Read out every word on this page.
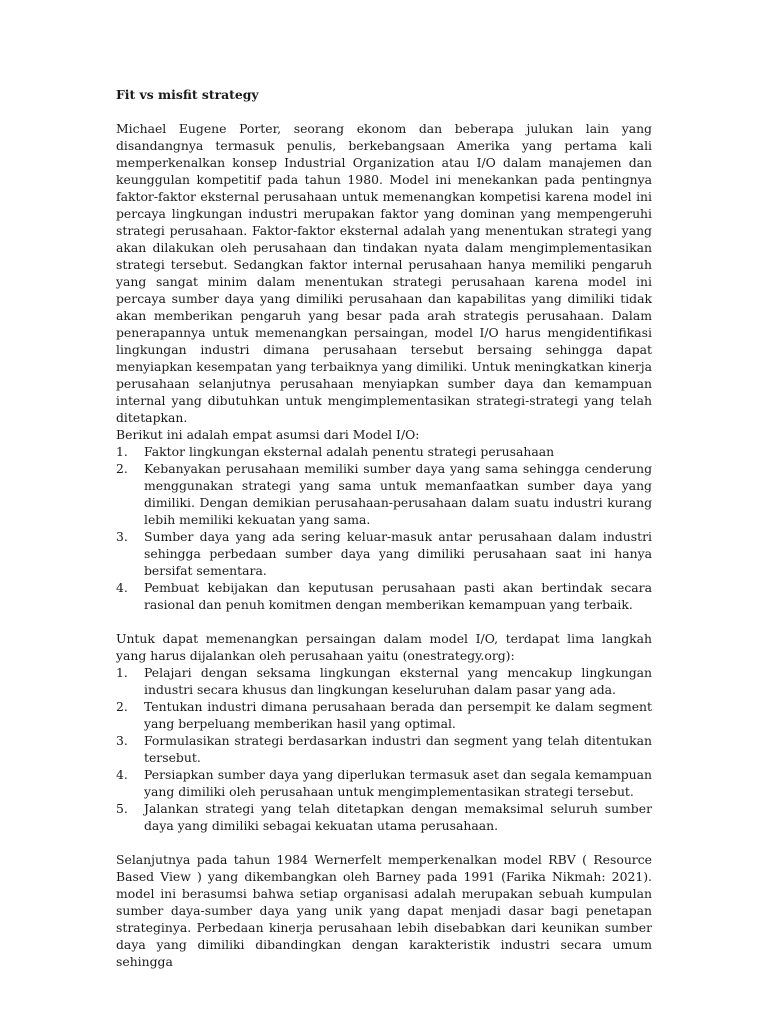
Fit vs misfit strategy

Michael Eugene Porter, seorang ekonom dan beberapa julukan lain yang disandangnya termasuk penulis, berkebangsaan Amerika yang pertama kali memperkenalkan konsep Industrial Organization atau I/O dalam manajemen dan keunggulan kompetitif pada tahun 1980. Model ini menekankan pada pentingnya faktor-faktor eksternal perusahaan untuk memenangkan kompetisi karena model ini percaya lingkungan industri merupakan faktor yang dominan yang mempengeruhi strategi perusahaan. Faktor-faktor eksternal adalah yang menentukan strategi yang akan dilakukan oleh perusahaan dan tindakan nyata dalam mengimplementasikan strategi tersebut. Sedangkan faktor internal perusahaan hanya memiliki pengaruh yang sangat minim dalam menentukan strategi perusahaan karena model ini percaya sumber daya yang dimiliki perusahaan dan kapabilitas yang dimiliki tidak akan memberikan pengaruh yang besar pada arah strategis perusahaan. Dalam penerapannya untuk memenangkan persaingan, model I/O harus mengidentifikasi lingkungan industri dimana perusahaan tersebut bersaing sehingga dapat menyiapkan kesempatan yang terbaiknya yang dimiliki. Untuk meningkatkan kinerja perusahaan selanjutnya perusahaan menyiapkan sumber daya dan kemampuan internal yang dibutuhkan untuk mengimplementasikan strategi-strategi yang telah ditetapkan.

Berikut ini adalah empat asumsi dari Model I/O:

1. Faktor lingkungan eksternal adalah penentu strategi perusahaan
2. Kebanyakan perusahaan memiliki sumber daya yang sama sehingga cenderung menggunakan strategi yang sama untuk memanfaatkan sumber daya yang dimiliki. Dengan demikian perusahaan-perusahaan dalam suatu industri kurang lebih memiliki kekuatan yang sama.
3. Sumber daya yang ada sering keluar-masuk antar perusahaan dalam industri sehingga perbedaan sumber daya yang dimiliki perusahaan saat ini hanya bersifat sementara.
4. Pembuat kebijakan dan keputusan perusahaan pasti akan bertindak secara rasional dan penuh komitmen dengan memberikan kemampuan yang terbaik.

Untuk dapat memenangkan persaingan dalam model I/O, terdapat lima langkah yang harus dijalankan oleh perusahaan yaitu (onestrategy.org):

1. Pelajari dengan seksama lingkungan eksternal yang mencakup lingkungan industri secara khusus dan lingkungan keseluruhan dalam pasar yang ada.
2. Tentukan industri dimana perusahaan berada dan persempit ke dalam segment yang berpeluang memberikan hasil yang optimal.
3. Formulasikan strategi berdasarkan industri dan segment yang telah ditentukan tersebut.
4. Persiapkan sumber daya yang diperlukan termasuk aset dan segala kemampuan yang dimiliki oleh perusahaan untuk mengimplementasikan strategi tersebut.
5. Jalankan strategi yang telah ditetapkan dengan memaksimal seluruh sumber daya yang dimiliki sebagai kekuatan utama perusahaan.

Selanjutnya pada tahun 1984 Wernerfelt memperkenalkan model RBV ( Resource Based View ) yang dikembangkan oleh Barney pada 1991 (Farika Nikmah: 2021). model ini berasumsi bahwa setiap organisasi adalah merupakan sebuah kumpulan sumber daya-sumber daya yang unik yang dapat menjadi dasar bagi penetapan strateginya. Perbedaan kinerja perusahaan lebih disebabkan dari keunikan sumber daya yang dimiliki dibandingkan dengan karakteristik industri secara umum sehingga
